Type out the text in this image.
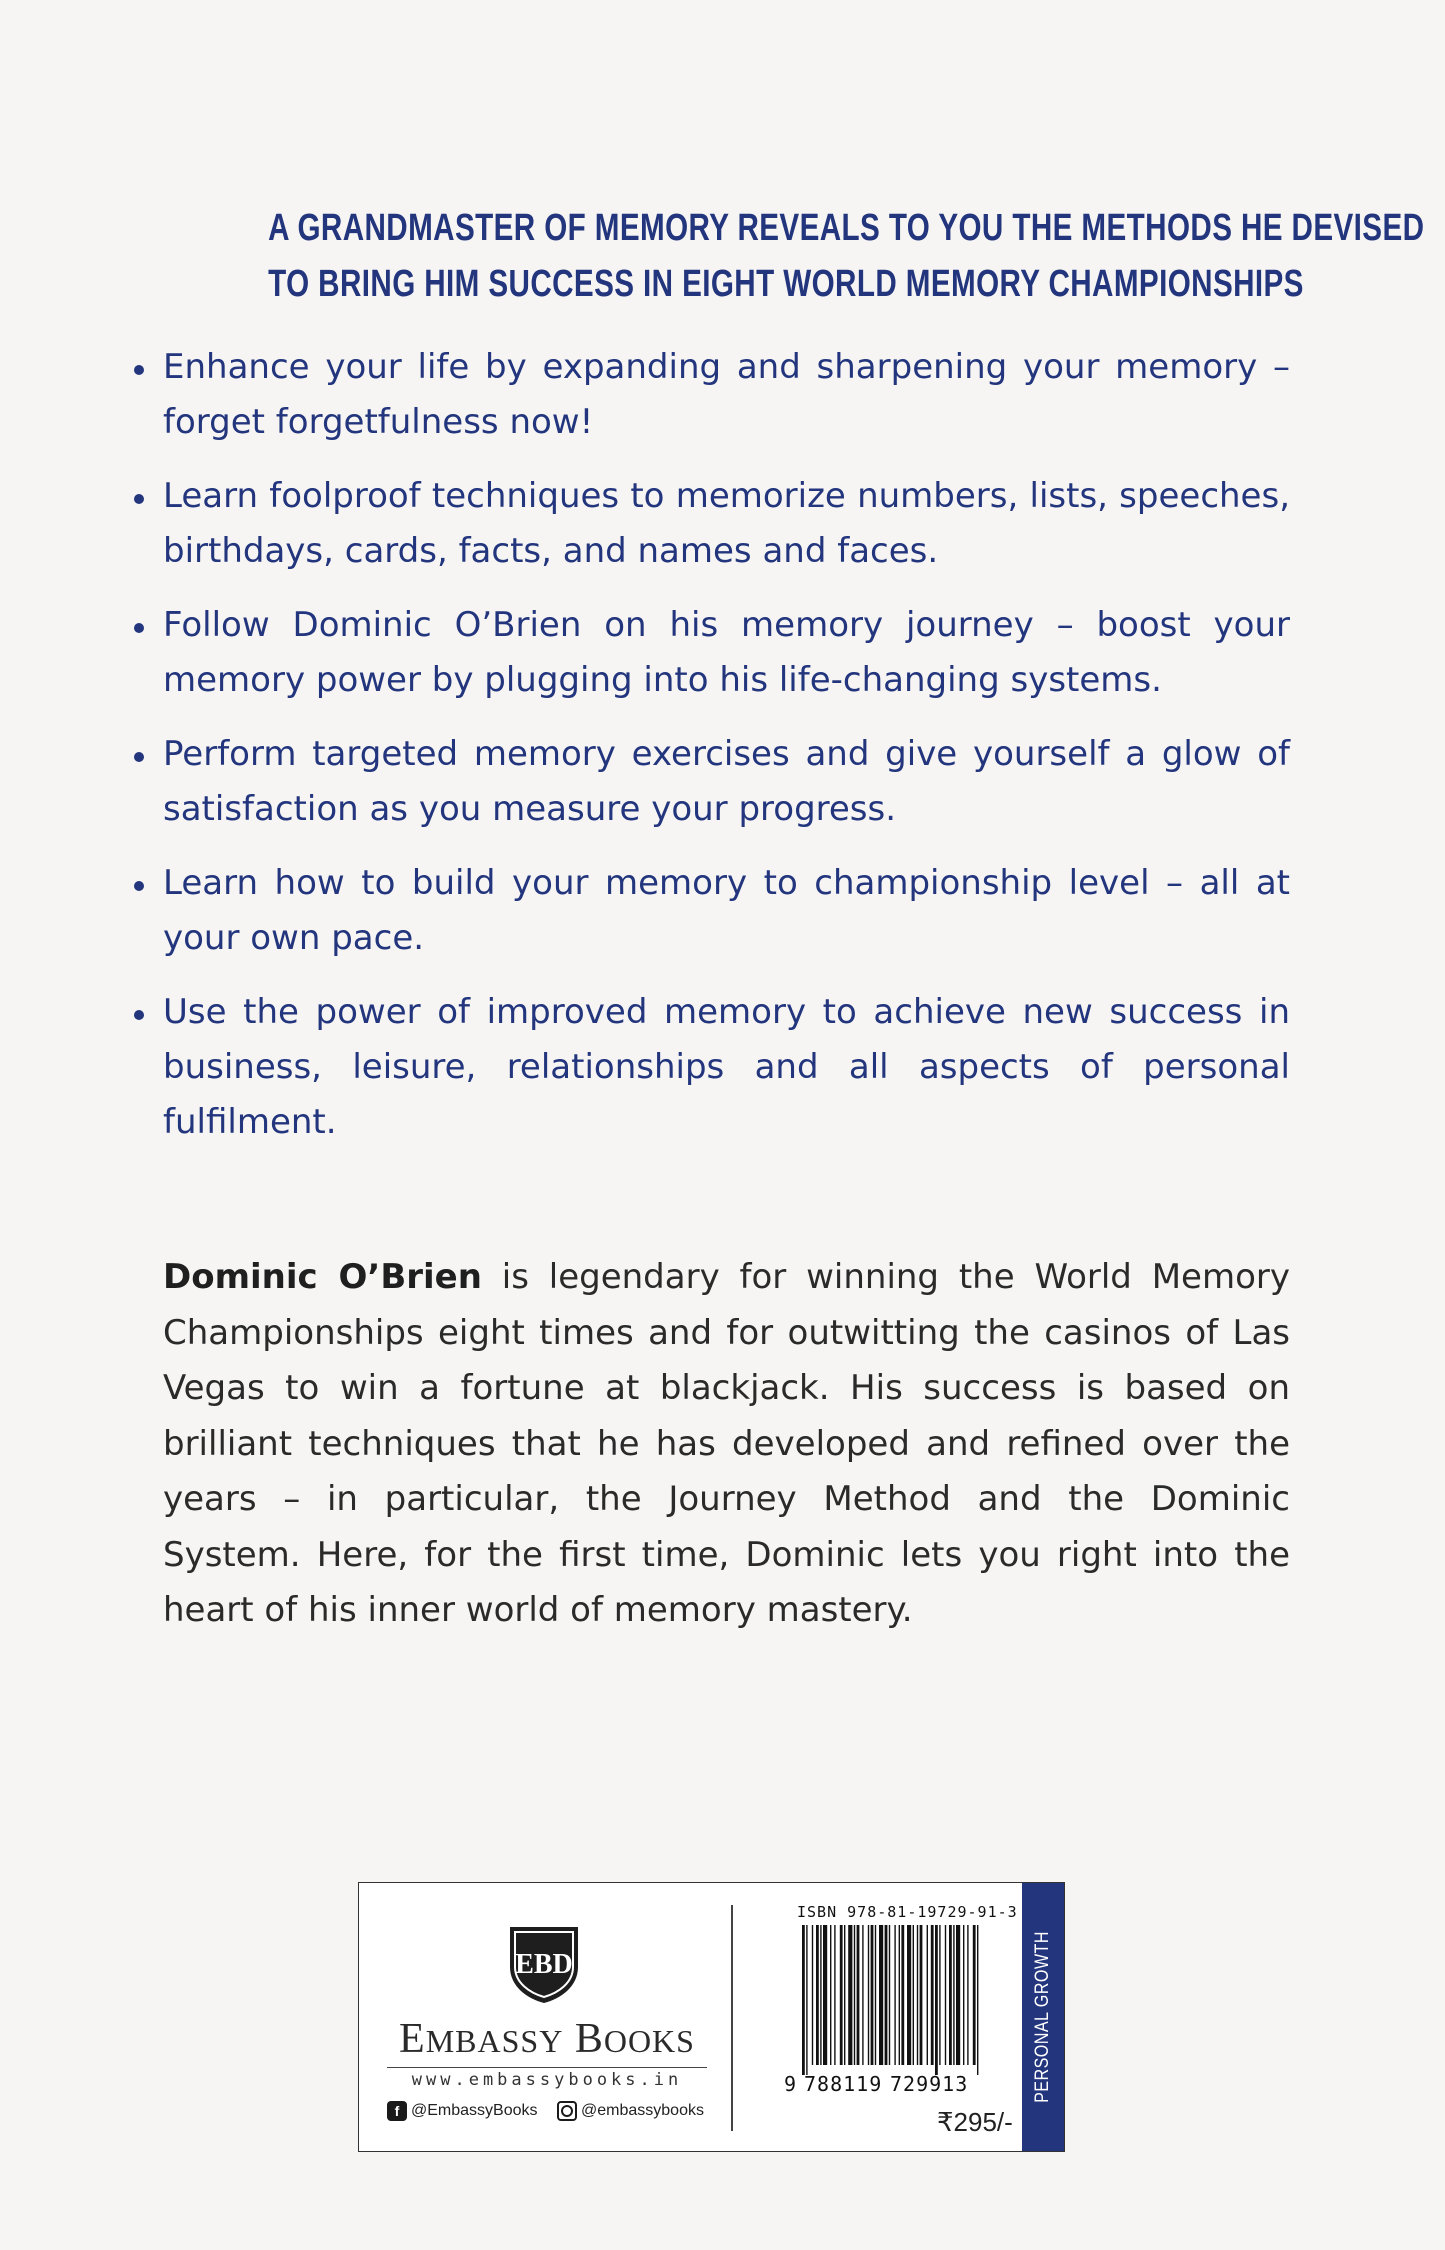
A GRANDMASTER OF MEMORY REVEALS TO YOU THE METHODS HE DEVISED
TO BRING HIM SUCCESS IN EIGHT WORLD MEMORY CHAMPIONSHIPS
Enhance your life by expanding and sharpening your memory – forget forgetfulness now!
Learn foolproof techniques to memorize numbers, lists, speeches, birthdays, cards, facts, and names and faces.
Follow Dominic O’Brien on his memory journey – boost your memory power by plugging into his life-changing systems.
Perform targeted memory exercises and give yourself a glow of satisfaction as you measure your progress.
Learn how to build your memory to championship level – all at your own pace.
Use the power of improved memory to achieve new success in business, leisure, relationships and all aspects of personal fulfilment.

Dominic O’Brien is legendary for winning the World Memory Championships eight times and for outwitting the casinos of Las Vegas to win a fortune at blackjack. His success is based on brilliant techniques that he has developed and refined over the years – in particular, the Journey Method and the Dominic System. Here, for the first time, Dominic lets you right into the heart of his inner world of memory mastery.

EBD
EMBASSY BOOKS
www.embassybooks.in
f @EmbassyBooks	@embassybooks
ISBN 978-81-19729-91-3
9 788119 729913
₹295/-
PERSONAL GROWTH
